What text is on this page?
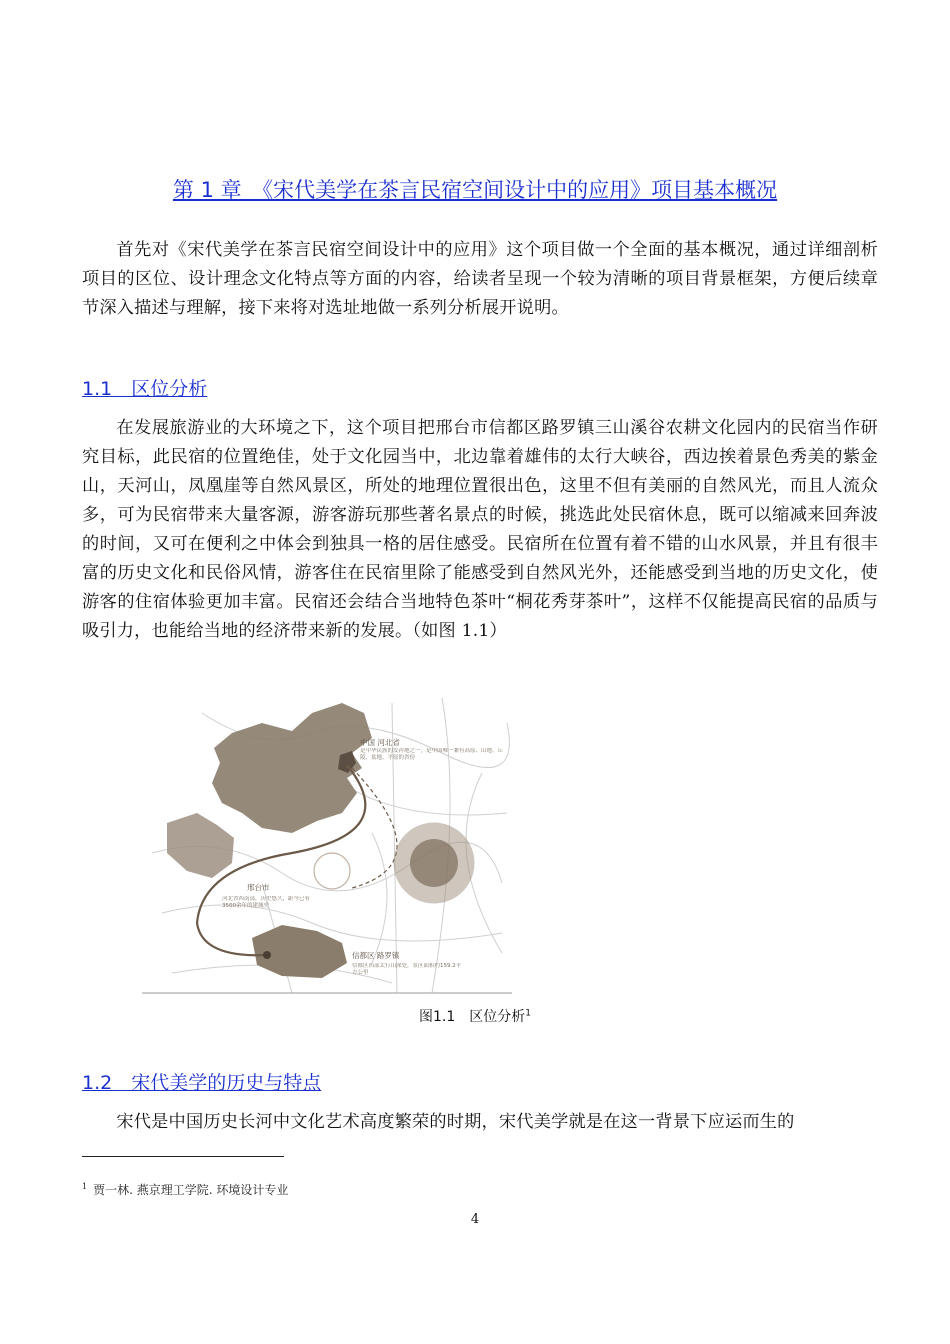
第 1 章　《宋代美学在茶言民宿空间设计中的应用》项目基本概况

首先对《宋代美学在茶言民宿空间设计中的应用》这个项目做一个全面的基本概况，通过详细剖析项目的区位、设计理念文化特点等方面的内容，给读者呈现一个较为清晰的项目背景框架，方便后续章节深入描述与理解，接下来将对选址地做一系列分析展开说明。

1.1　区位分析

在发展旅游业的大环境之下，这个项目把邢台市信都区路罗镇三山溪谷农耕文化园内的民宿当作研究目标，此民宿的位置绝佳，处于文化园当中，北边靠着雄伟的太行大峡谷，西边挨着景色秀美的紫金山，天河山，凤凰崖等自然风景区，所处的地理位置很出色，这里不但有美丽的自然风光，而且人流众多，可为民宿带来大量客源，游客游玩那些著名景点的时候，挑选此处民宿休息，既可以缩减来回奔波的时间，又可在便利之中体会到独具一格的居住感受。民宿所在位置有着不错的山水风景，并且有很丰富的历史文化和民俗风情，游客住在民宿里除了能感受到自然风光外，还能感受到当地的历史文化，使游客的住宿体验更加丰富。民宿还会结合当地特色茶叶“桐花秀芽茶叶”，这样不仅能提高民宿的品质与吸引力，也能给当地的经济带来新的发展。（如图 1.1）

中国 河北省
是中华民族的发祥地之一，是中国唯一兼有高原、山地、丘陵、盆地、平原的省份
邢台市
河北省西南部，历史悠久，距今已有3500余年的建城史
信都区 路罗镇
信都区西部太行山深处，景区面积约159.2平方公里
图1.1　区位分析$^1$
1.2　宋代美学的历史与特点

宋代是中国历史长河中文化艺术高度繁荣的时期，宋代美学就是在这一背景下应运而生的

$^1$ 贾一林. 燕京理工学院. 环境设计专业
4
